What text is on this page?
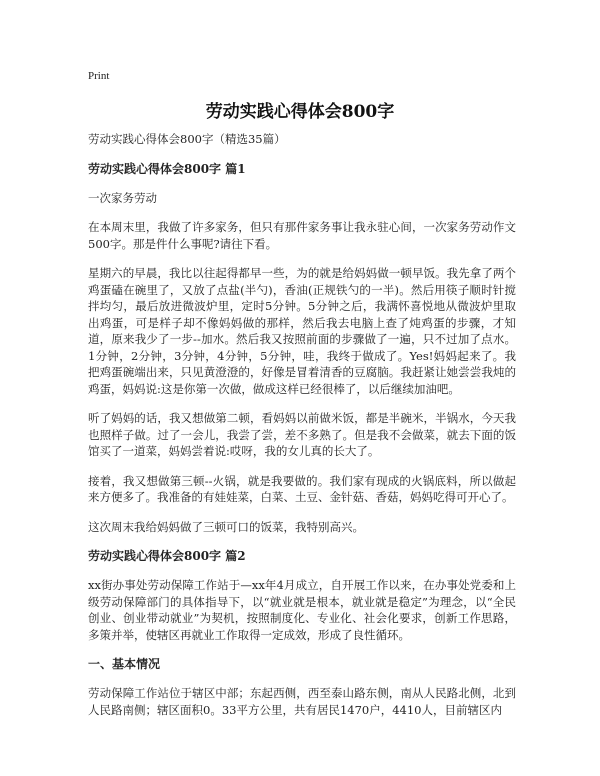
Print
劳动实践心得体会800字

劳动实践心得体会800字（精选35篇）

劳动实践心得体会800字 篇1

一次家务劳动

在本周末里，我做了许多家务，但只有那件家务事让我永驻心间，一次家务劳动作文500字。那是件什么事呢?请往下看。

星期六的早晨，我比以往起得都早一些，为的就是给妈妈做一顿早饭。我先拿了两个鸡蛋磕在碗里了，又放了点盐(半勺)，香油(正规铁勺的一半)。然后用筷子顺时针搅拌均匀，最后放进微波炉里，定时5分钟。5分钟之后，我满怀喜悦地从微波炉里取出鸡蛋，可是样子却不像妈妈做的那样，然后我去电脑上查了炖鸡蛋的步骤，才知道，原来我少了一步--加水。然后我又按照前面的步骤做了一遍，只不过加了点水。1分钟，2分钟，3分钟，4分钟，5分钟，哇，我终于做成了。Yes!妈妈起来了。我把鸡蛋碗端出来，只见黄澄澄的，好像是冒着清香的豆腐脑。我赶紧让她尝尝我炖的鸡蛋，妈妈说:这是你第一次做，做成这样已经很棒了，以后继续加油吧。

听了妈妈的话，我又想做第二顿，看妈妈以前做米饭，都是半碗米，半锅水，今天我也照样子做。过了一会儿，我尝了尝，差不多熟了。但是我不会做菜，就去下面的饭馆买了一道菜，妈妈尝着说:哎呀，我的女儿真的长大了。

接着，我又想做第三顿--火锅，就是我要做的。我们家有现成的火锅底料，所以做起来方便多了。我准备的有娃娃菜，白菜、土豆、金针菇、香菇，妈妈吃得可开心了。

这次周末我给妈妈做了三顿可口的饭菜，我特别高兴。

劳动实践心得体会800字 篇2

xx街办事处劳动保障工作站于—xx年4月成立，自开展工作以来，在办事处党委和上级劳动保障部门的具体指导下，以“就业就是根本，就业就是稳定”为理念，以“全民创业、创业带动就业”为契机，按照制度化、专业化、社会化要求，创新工作思路，多策并举，使辖区再就业工作取得一定成效，形成了良性循环。

一、基本情况

劳动保障工作站位于辖区中部；东起西侧，西至泰山路东侧，南从人民路北侧，北到人民路南侧；辖区面积0。33平方公里，共有居民1470户，4410人，目前辖区内
